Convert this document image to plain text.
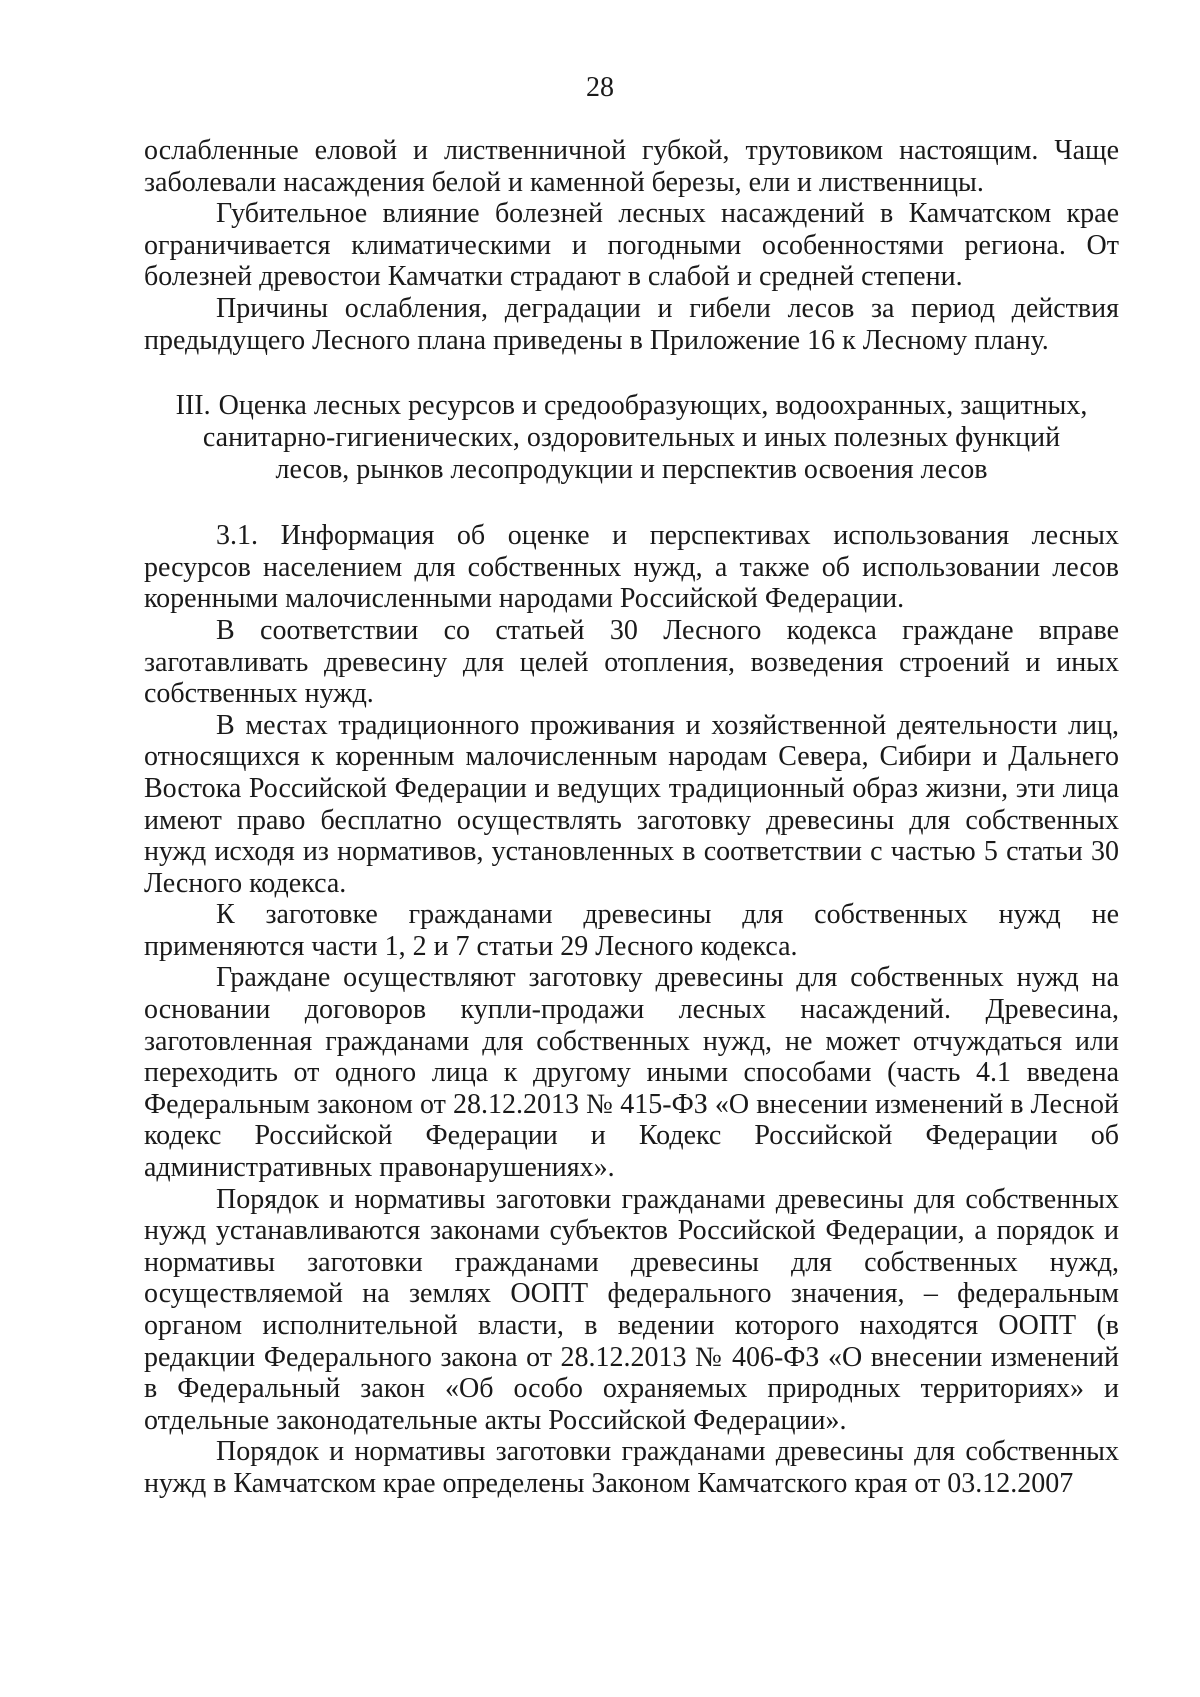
28

ослабленные еловой и лиственничной губкой, трутовиком настоящим. Чаще заболевали насаждения белой и каменной березы, ели и лиственницы.

Губительное влияние болезней лесных насаждений в Камчатском крае ограничивается климатическими и погодными особенностями региона. От болезней древостои Камчатки страдают в слабой и средней степени.

Причины ослабления, деградации и гибели лесов за период действия предыдущего Лесного плана приведены в Приложение 16 к Лесному плану.

III. Оценка лесных ресурсов и средообразующих, водоохранных, защитных, санитарно-гигиенических, оздоровительных и иных полезных функций лесов, рынков лесопродукции и перспектив освоения лесов

3.1. Информация об оценке и перспективах использования лесных ресурсов населением для собственных нужд, а также об использовании лесов коренными малочисленными народами Российской Федерации.

В соответствии со статьей 30 Лесного кодекса граждане вправе заготавливать древесину для целей отопления, возведения строений и иных собственных нужд.

В местах традиционного проживания и хозяйственной деятельности лиц, относящихся к коренным малочисленным народам Севера, Сибири и Дальнего Востока Российской Федерации и ведущих традиционный образ жизни, эти лица имеют право бесплатно осуществлять заготовку древесины для собственных нужд исходя из нормативов, установленных в соответствии с частью 5 статьи 30 Лесного кодекса.

К заготовке гражданами древесины для собственных нужд не применяются части 1, 2 и 7 статьи 29 Лесного кодекса.

Граждане осуществляют заготовку древесины для собственных нужд на основании договоров купли-продажи лесных насаждений. Древесина, заготовленная гражданами для собственных нужд, не может отчуждаться или переходить от одного лица к другому иными способами (часть 4.1 введена Федеральным законом от 28.12.2013 № 415-ФЗ «О внесении изменений в Лесной кодекс Российской Федерации и Кодекс Российской Федерации об административных правонарушениях».

Порядок и нормативы заготовки гражданами древесины для собственных нужд устанавливаются законами субъектов Российской Федерации, а порядок и нормативы заготовки гражданами древесины для собственных нужд, осуществляемой на землях ООПТ федерального значения, – федеральным органом исполнительной власти, в ведении которого находятся ООПТ (в редакции Федерального закона от 28.12.2013 № 406-ФЗ «О внесении изменений в Федеральный закон «Об особо охраняемых природных территориях» и отдельные законодательные акты Российской Федерации».

Порядок и нормативы заготовки гражданами древесины для собственных нужд в Камчатском крае определены Законом Камчатского края от 03.12.2007
